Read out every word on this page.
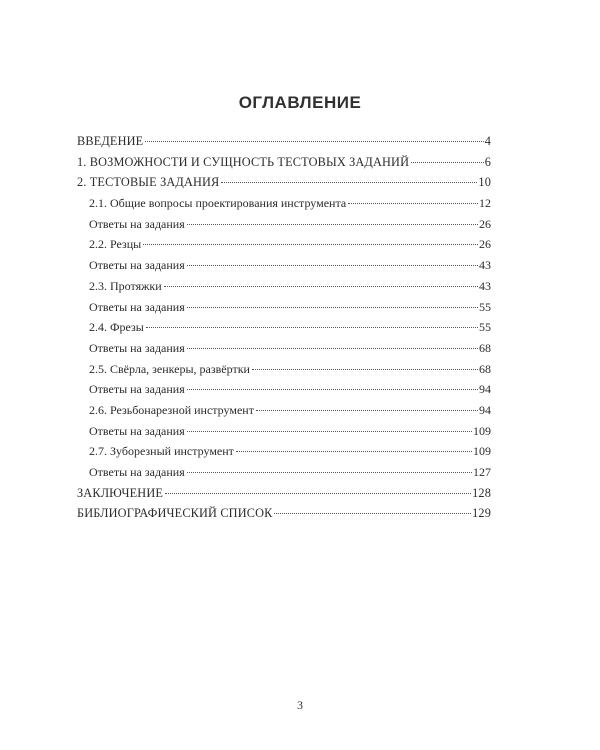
ОГЛАВЛЕНИЕ
ВВЕДЕНИЕ	4
1. ВОЗМОЖНОСТИ И СУЩНОСТЬ ТЕСТОВЫХ ЗАДАНИЙ	6
2. ТЕСТОВЫЕ ЗАДАНИЯ	10
2.1. Общие вопросы проектирования инструмента	12
Ответы на задания	26
2.2. Резцы	26
Ответы на задания	43
2.3. Протяжки	43
Ответы на задания	55
2.4. Фрезы	55
Ответы на задания	68
2.5. Свёрла, зенкеры, развёртки	68
Ответы на задания	94
2.6. Резьбонарезной инструмент	94
Ответы на задания	109
2.7. Зуборезный инструмент	109
Ответы на задания	127
ЗАКЛЮЧЕНИЕ	128
БИБЛИОГРАФИЧЕСКИЙ СПИСОК	129
3
